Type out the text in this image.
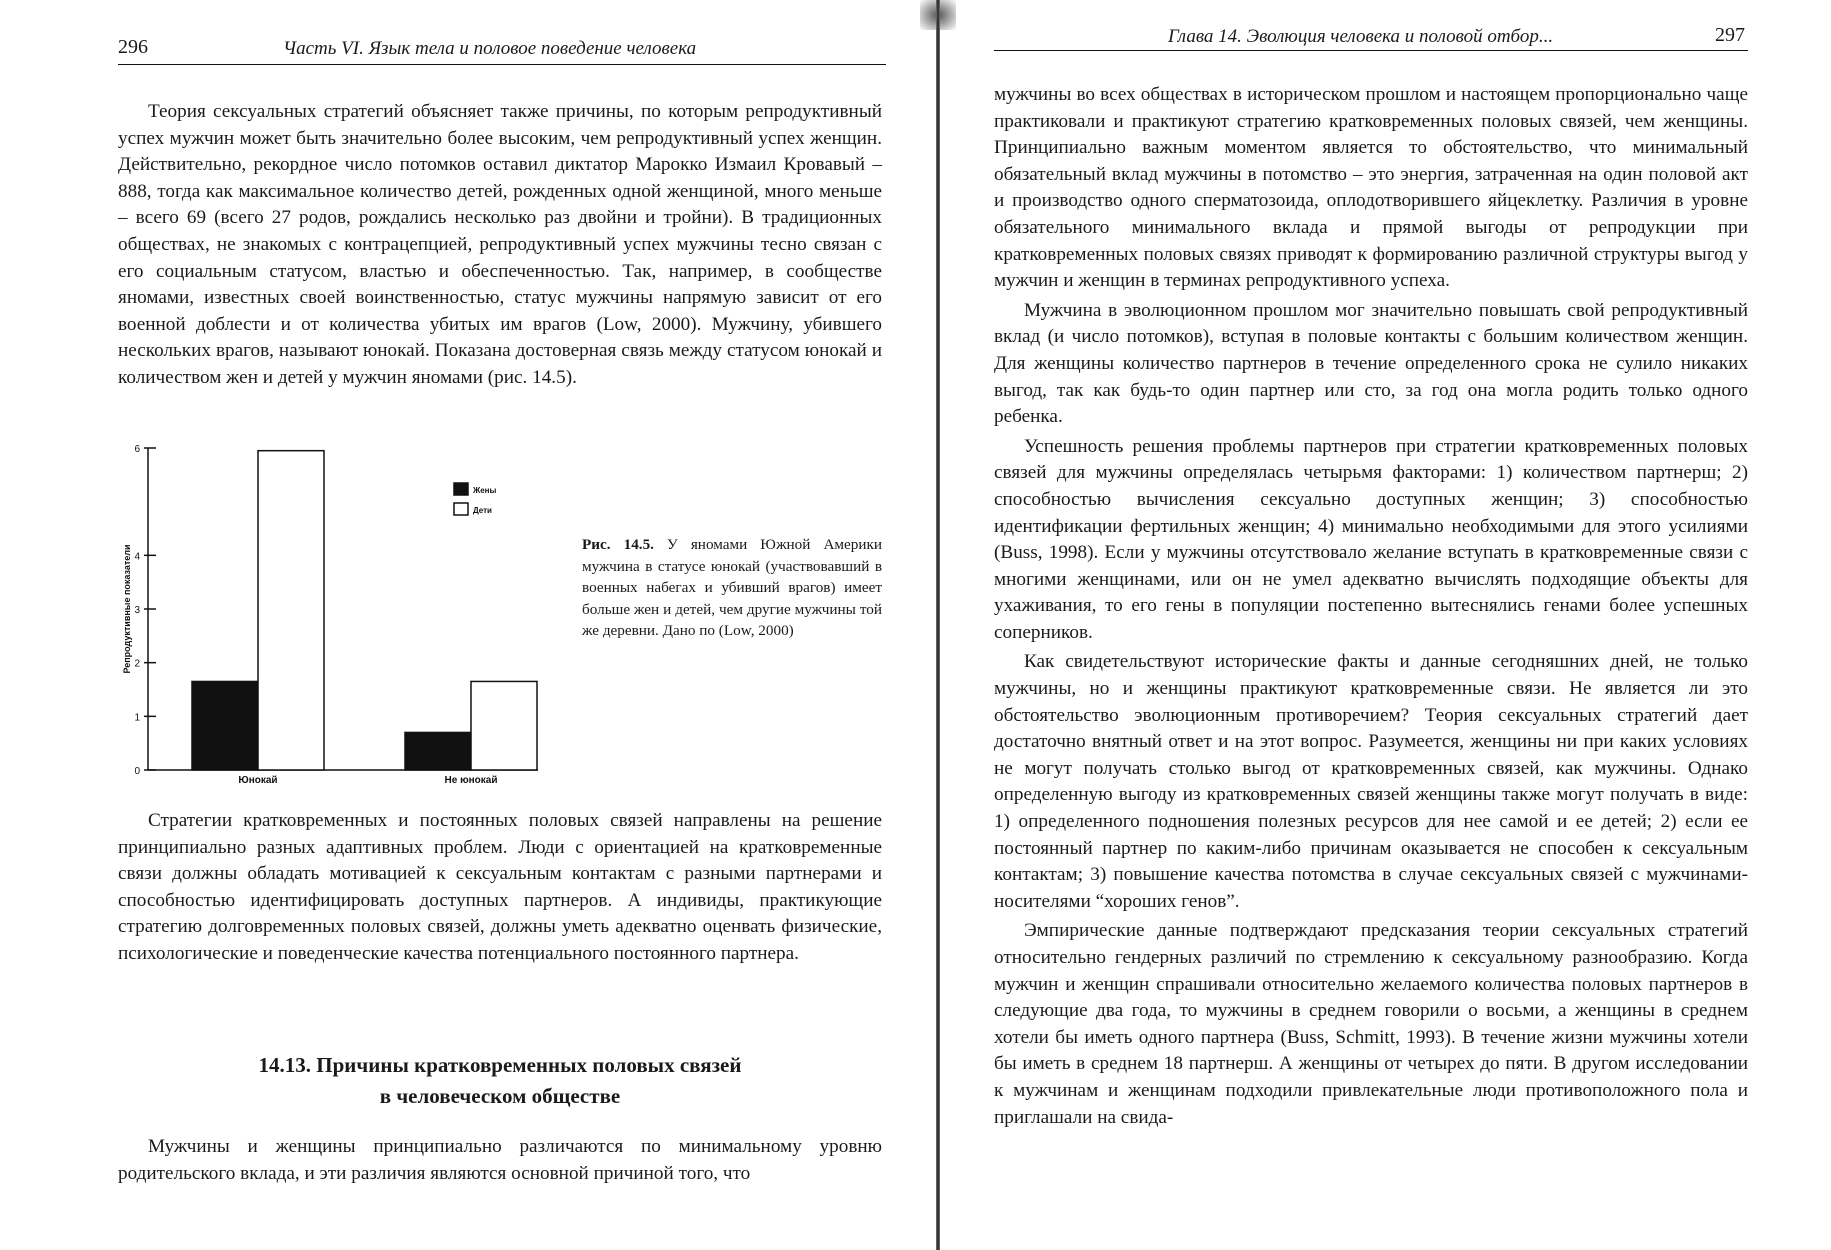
296	Часть VI. Язык тела и половое поведение человека

Теория сексуальных стратегий объясняет также причины, по которым репродуктивный успех мужчин может быть значительно более высоким, чем репродуктивный успех женщин. Действительно, рекордное число потомков оставил диктатор Марокко Измаил Кровавый – 888, тогда как максимальное количество детей, рожденных одной женщиной, много меньше – всего 69 (всего 27 родов, рождались несколько раз двойни и тройни). В традиционных обществах, не знакомых с контрацепцией, репродуктивный успех мужчины тесно связан с его социальным статусом, властью и обеспеченностью. Так, например, в сообществе яномами, известных своей воинственностью, статус мужчины напрямую зависит от его военной доблести и от количества убитых им врагов (Low, 2000). Мужчину, убившего нескольких врагов, называют юнокай. Показана достоверная связь между статусом юнокай и количеством жен и детей у мужчин яномами (рис. 14.5).

0
1
2
3
4
6
Репродуктивные показатели
Юнокай	Не юнокай
Жены
Дети
Рис. 14.5. У яномами Южной Америки мужчина в статусе юнокай (участвовавший в военных набегах и убивший врагов) имеет больше жен и детей, чем другие мужчины той же деревни. Дано по (Low, 2000)

Стратегии кратковременных и постоянных половых связей направлены на решение принципиально разных адаптивных проблем. Люди с ориентацией на кратковременные связи должны обладать мотивацией к сексуальным контактам с разными партнерами и способностью идентифицировать доступных партнеров. А индивиды, практикующие стратегию долговременных половых связей, должны уметь адекватно оценвать физические, психологические и поведенческие качества потенциального постоянного партнера.

14.13. Причины кратковременных половых связей
в человеческом обществе

Мужчины и женщины принципиально различаются по минимальному уровню родительского вклада, и эти различия являются основной причиной того, что

Глава 14. Эволюция человека и половой отбор...	297

мужчины во всех обществах в историческом прошлом и настоящем пропорционально чаще практиковали и практикуют стратегию кратковременных половых связей, чем женщины. Принципиально важным моментом является то обстоятельство, что минимальный обязательный вклад мужчины в потомство – это энергия, затраченная на один половой акт и производство одного сперматозоида, оплодотворившего яйцеклетку. Различия в уровне обязательного минимального вклада и прямой выгоды от репродукции при кратковременных половых связях приводят к формированию различной структуры выгод у мужчин и женщин в терминах репродуктивного успеха.

Мужчина в эволюционном прошлом мог значительно повышать свой репродуктивный вклад (и число потомков), вступая в половые контакты с большим количеством женщин. Для женщины количество партнеров в течение определенного срока не сулило никаких выгод, так как будь-то один партнер или сто, за год она могла родить только одного ребенка.

Успешность решения проблемы партнеров при стратегии кратковременных половых связей для мужчины определялась четырьмя факторами: 1) количеством партнерш; 2) способностью вычисления сексуально доступных женщин; 3) способностью идентификации фертильных женщин; 4) минимально необходимыми для этого усилиями (Buss, 1998). Если у мужчины отсутствовало желание вступать в кратковременные связи с многими женщинами, или он не умел адекватно вычислять подходящие объекты для ухаживания, то его гены в популяции постепенно вытеснялись генами более успешных соперников.

Как свидетельствуют исторические факты и данные сегодняшних дней, не только мужчины, но и женщины практикуют кратковременные связи. Не является ли это обстоятельство эволюционным противоречием? Теория сексуальных стратегий дает достаточно внятный ответ и на этот вопрос. Разумеется, женщины ни при каких условиях не могут получать столько выгод от кратковременных связей, как мужчины. Однако определенную выгоду из кратковременных связей женщины также могут получать в виде: 1) определенного подношения полезных ресурсов для нее самой и ее детей; 2) если ее постоянный партнер по каким-либо причинам оказывается не способен к сексуальным контактам; 3) повышение качества потомства в случае сексуальных связей с мужчинами-носителями “хороших генов”.

Эмпирические данные подтверждают предсказания теории сексуальных стратегий относительно гендерных различий по стремлению к сексуальному разнообразию. Когда мужчин и женщин спрашивали относительно желаемого количества половых партнеров в следующие два года, то мужчины в среднем говорили о восьми, а женщины в среднем хотели бы иметь одного партнера (Buss, Schmitt, 1993). В течение жизни мужчины хотели бы иметь в среднем 18 партнерш. А женщины от четырех до пяти. В другом исследовании к мужчинам и женщинам подходили привлекательные люди противоположного пола и приглашали на свида-
